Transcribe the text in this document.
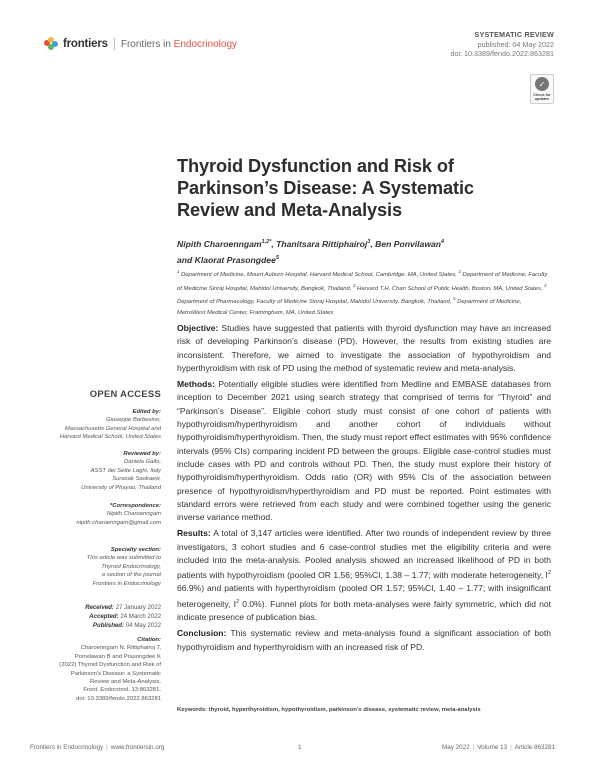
frontiers Frontiers in Endocrinology
SYSTEMATIC REVIEW
published: 04 May 2022
doi: 10.3389/fendo.2022.863281
✓
Check for updates
Thyroid Dysfunction and Risk of Parkinson’s Disease: A Systematic Review and Meta-Analysis
Nipith Charoenngam$^{1,2*}$, Thanitsara Rittiphairoj$^3$, Ben Ponvilawan$^4$
and Klaorat Prasongdee$^5$
$^1$ Department of Medicine, Mount Auburn Hospital, Harvard Medical School, Cambridge, MA, United States, $^2$ Department of Medicine, Faculty of Medicine Siriraj Hospital, Mahidol University, Bangkok, Thailand, $^3$ Harvard T.H. Chan School of Public Health, Boston, MA, United States, $^4$ Department of Pharmacology, Faculty of Medicine Siriraj Hospital, Mahidol University, Bangkok, Thailand, $^5$ Department of Medicine, MetroWest Medical Center, Framingham, MA, United States

Objective: Studies have suggested that patients with thyroid dysfunction may have an increased risk of developing Parkinson’s disease (PD). However, the results from existing studies are inconsistent. Therefore, we aimed to investigate the association of hypothyroidism and hyperthyroidism with risk of PD using the method of systematic review and meta-analysis.

Methods: Potentially eligible studies were identified from Medline and EMBASE databases from inception to December 2021 using search strategy that comprised of terms for “Thyroid” and “Parkinson’s Disease”. Eligible cohort study must consist of one cohort of patients with hypothyroidism/hyperthyroidism and another cohort of individuals without hypothyroidism/hyperthyroidism. Then, the study must report effect estimates with 95% confidence intervals (95% CIs) comparing incident PD between the groups. Eligible case-control studies must include cases with PD and controls without PD. Then, the study must explore their history of hypothyroidism/hyperthyroidism. Odds ratio (OR) with 95% CIs of the association between presence of hypothyroidism/hyperthyroidism and PD must be reported. Point estimates with standard errors were retrieved from each study and were combined together using the generic inverse variance method.

Results: A total of 3,147 articles were identified. After two rounds of independent review by three investigators, 3 cohort studies and 6 case-control studies met the eligibility criteria and were included into the meta-analysis. Pooled analysis showed an increased likelihood of PD in both patients with hypothyroidism (pooled OR 1.56; 95%CI, 1.38 – 1.77; with moderate heterogeneity, $I^2$ 66.9%) and patients with hyperthyroidism (pooled OR 1.57; 95%CI, 1.40 – 1.77; with insignificant heterogeneity, $I^2$ 0.0%). Funnel plots for both meta-analyses were fairly symmetric, which did not indicate presence of publication bias.

Conclusion: This systematic review and meta-analysis found a significant association of both hypothyroidism and hyperthyroidism with an increased risk of PD.

Keywords: thyroid, hyperthyroidism, hypothyroidism, parkinson’s disease, systematic review, meta-analysis
OPEN ACCESS
Edited by:
Giuseppe Barbesino,
Massachusetts General Hospital and
Harvard Medical School, United States
Reviewed by:
Daniela Gallo,
ASST dei Sette Laghi, Italy
Surasak Saokaew,
University of Phayao, Thailand
*Correspondence:
Nipith Charoenngam
nipith.charoenngam@gmail.com
Specialty section:
This article was submitted to
Thyroid Endocrinology,
a section of the journal
Frontiers in Endocrinology
Received: 27 January 2022
Accepted: 24 March 2022
Published: 04 May 2022
Citation:
Charoenngam N, Rittiphairoj T,
Ponvilawan B and Prasongdee K
(2022) Thyroid Dysfunction and Risk of
Parkinson’s Disease: a Systematic
Review and Meta-Analysis.
Front. Endocrinol. 13:863281.
doi: 10.3389/fendo.2022.863281
Frontiers in Endocrinology | www.frontiersin.org	1	May 2022 | Volume 13 | Article 863281
